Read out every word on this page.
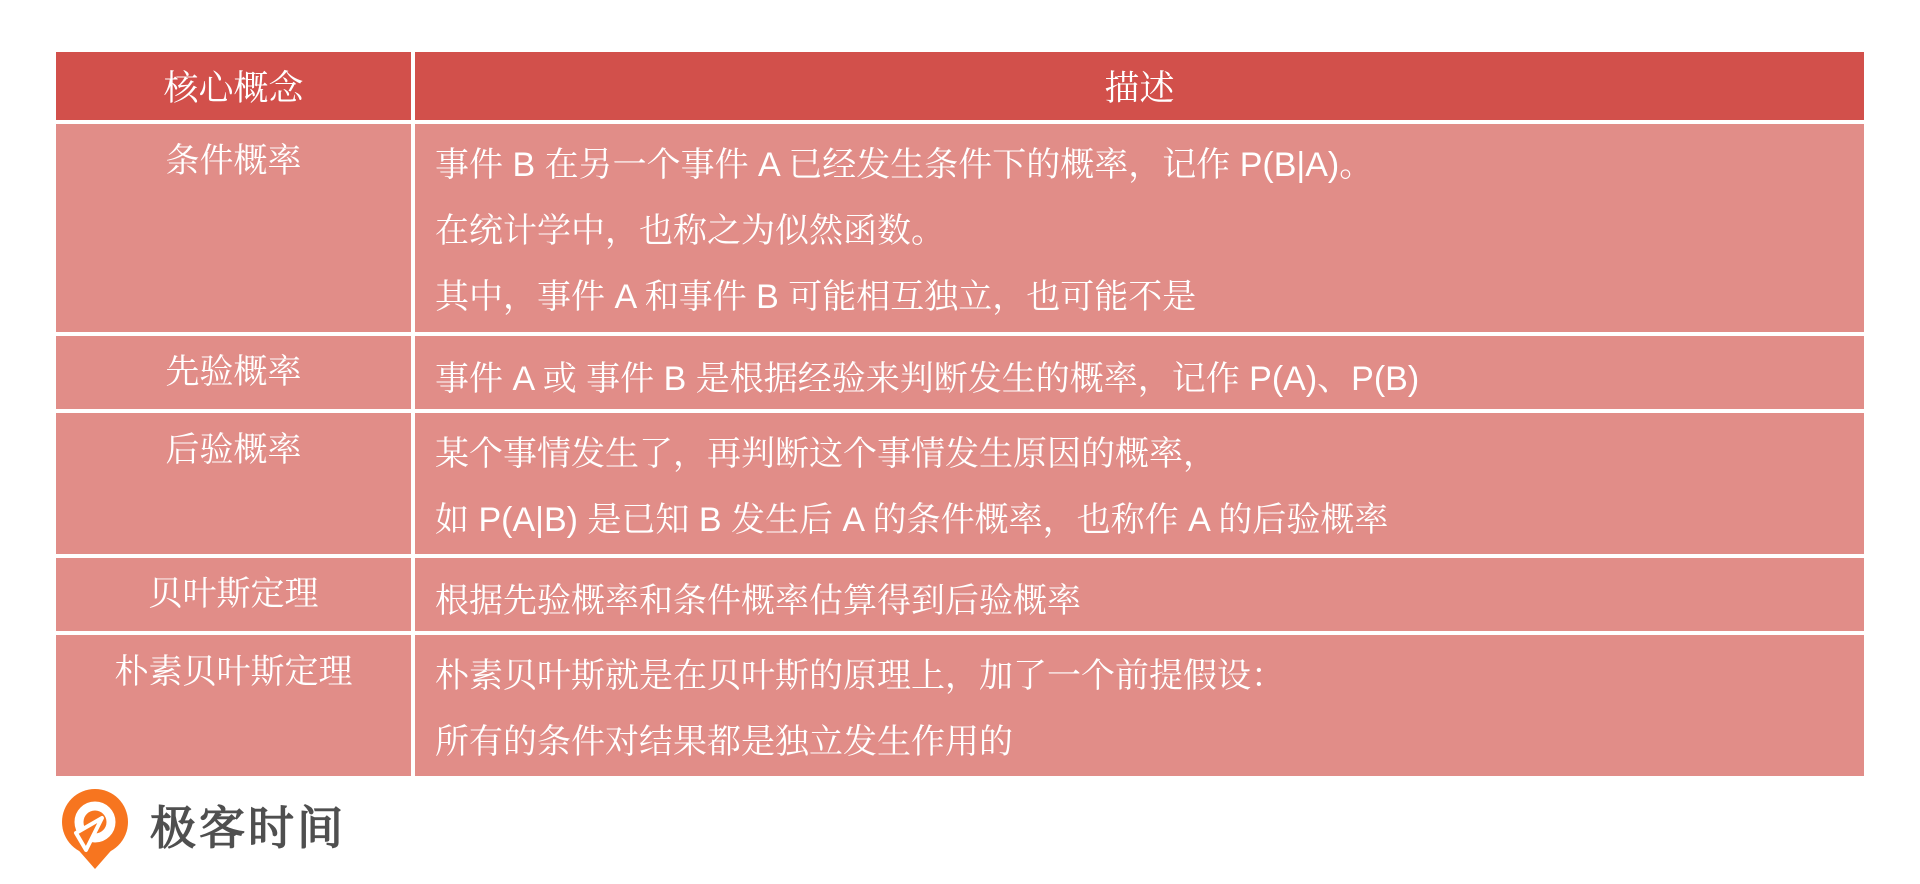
核心概念	描述
条件概率	事件 B 在另一个事件 A 已经发生条件下的概率，记作 P(B|A)。
在统计学中，也称之为似然函数。
其中，事件 A 和事件 B 可能相互独立，也可能不是
先验概率	事件 A 或 事件 B 是根据经验来判断发生的概率，记作 P(A)、P(B)
后验概率	某个事情发生了，再判断这个事情发生原因的概率，
如 P(A|B) 是已知 B 发生后 A 的条件概率，也称作 A 的后验概率
贝叶斯定理	根据先验概率和条件概率估算得到后验概率
朴素贝叶斯定理	朴素贝叶斯就是在贝叶斯的原理上，加了一个前提假设：
所有的条件对结果都是独立发生作用的
极客时间
